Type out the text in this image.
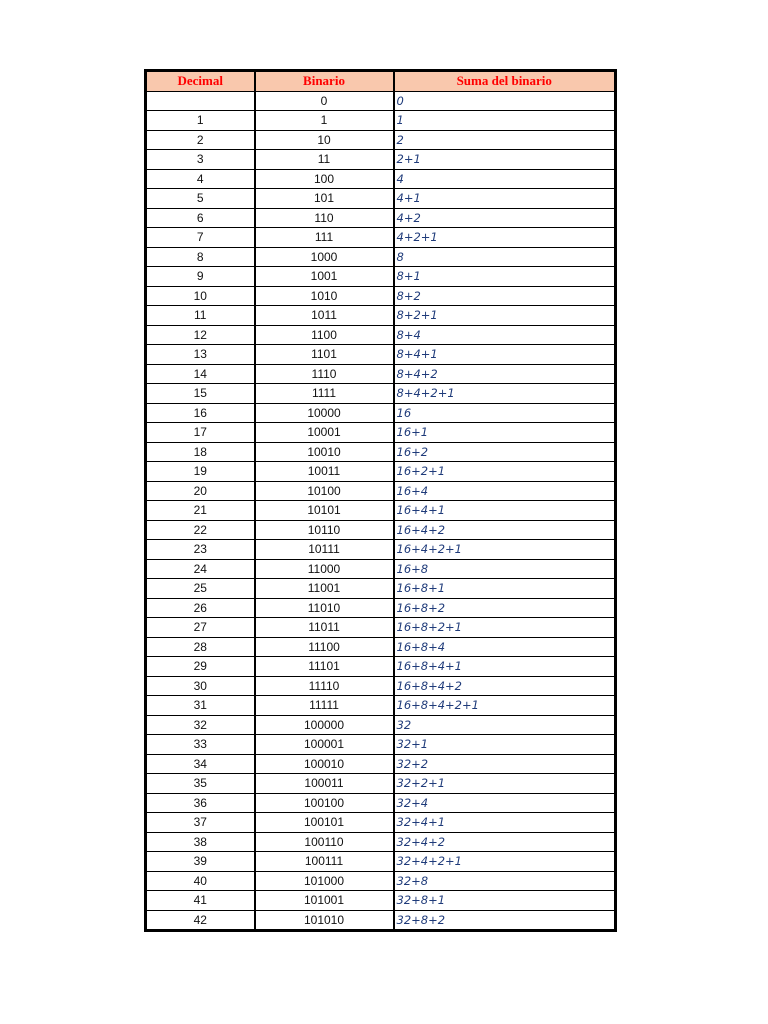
Decimal	Binario	Suma del binario
	0	0
1	1	1
2	10	2
3	11	2+1
4	100	4
5	101	4+1
6	110	4+2
7	111	4+2+1
8	1000	8
9	1001	8+1
10	1010	8+2
11	1011	8+2+1
12	1100	8+4
13	1101	8+4+1
14	1110	8+4+2
15	1111	8+4+2+1
16	10000	16
17	10001	16+1
18	10010	16+2
19	10011	16+2+1
20	10100	16+4
21	10101	16+4+1
22	10110	16+4+2
23	10111	16+4+2+1
24	11000	16+8
25	11001	16+8+1
26	11010	16+8+2
27	11011	16+8+2+1
28	11100	16+8+4
29	11101	16+8+4+1
30	11110	16+8+4+2
31	11111	16+8+4+2+1
32	100000	32
33	100001	32+1
34	100010	32+2
35	100011	32+2+1
36	100100	32+4
37	100101	32+4+1
38	100110	32+4+2
39	100111	32+4+2+1
40	101000	32+8
41	101001	32+8+1
42	101010	32+8+2
